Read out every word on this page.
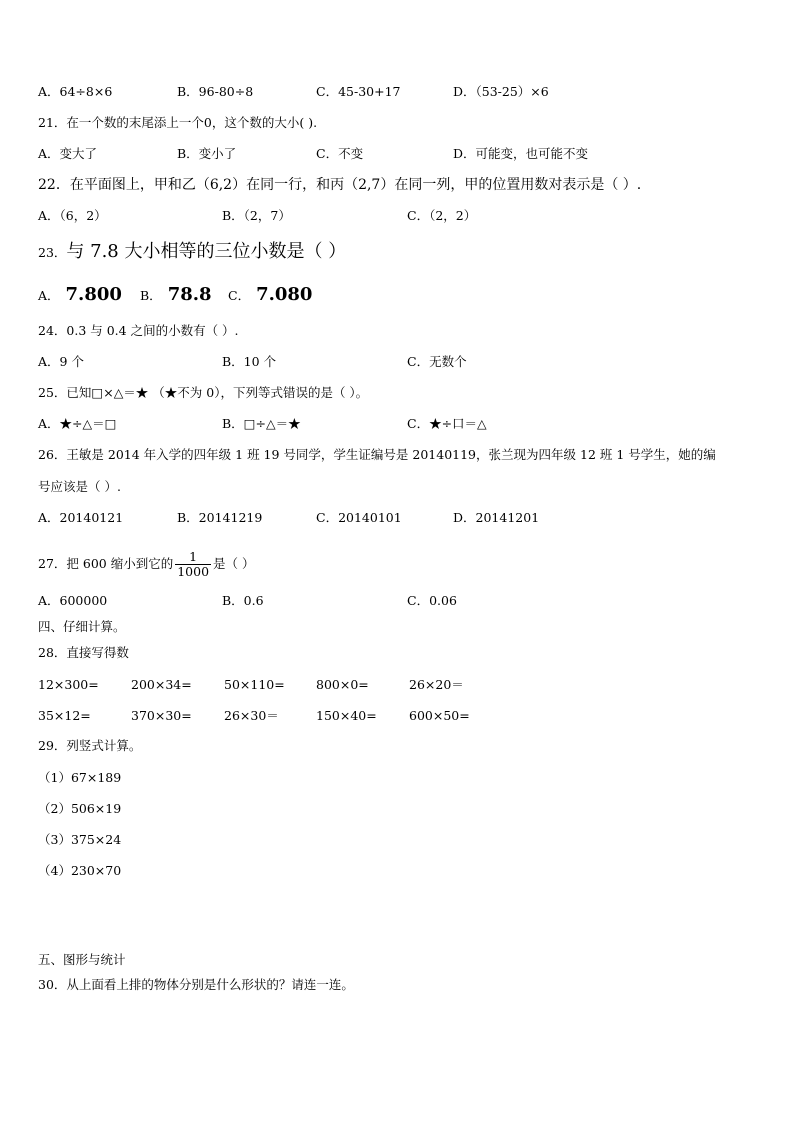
A．64÷8×6	B．96-80÷8	C．45-30+17	D．（53-25）×6
21．在一个数的末尾添上一个0，这个数的大小( ).
A．变大了	B．变小了	C．不变	D．可能变，也可能不变
22．在平面图上，甲和乙（6,2）在同一行，和丙（2,7）在同一列，甲的位置用数对表示是（ ）.
A．（6，2）	B．（2，7）	C．（2，2）
23．与 7.8 大小相等的三位小数是（ ）
A． 7.800 B． 78.8 C． 7.080
24．0.3 与 0.4 之间的小数有（ ）.
A．9 个	B．10 个	C．无数个
25．已知□×△＝★ （★不为 0），下列等式错误的是（ ）。
A．★÷△＝□	B．□÷△＝★	C．★÷口＝△
26．王敏是 2014 年入学的四年级 1 班 19 号同学，学生证编号是 20140119，张兰现为四年级 12 班 1 号学生，她的编
号应该是（ ）.
A．20140121	B．20141219	C．20140101	D．20141201
27．把 600 缩小到它的 $\frac{1}{1000}$ 是（ ）
A．600000	B．0.6	C．0.06
四、仔细计算。
28．直接写得数
12×300=	200×34=	50×110=	800×0=	26×20＝
35×12=	370×30=	26×30＝	150×40=	600×50=
29．列竖式计算。
（1）67×189
（2）506×19
（3）375×24
（4）230×70
五、图形与统计
30．从上面看上排的物体分别是什么形状的？请连一连。
